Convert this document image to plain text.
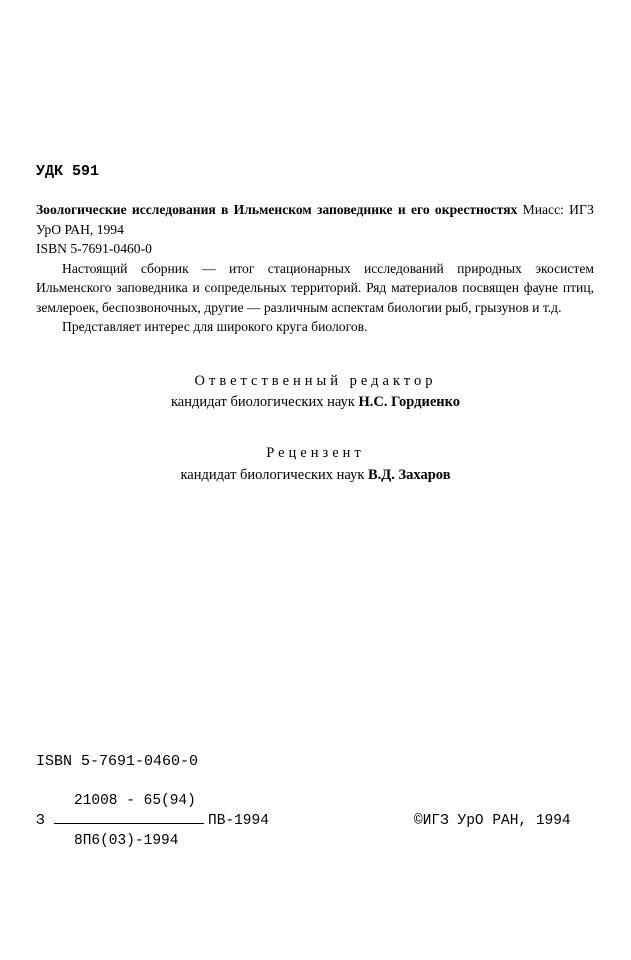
УДК 591

Зоологические исследования в Ильменском заповеднике и его окрестностях Миасс: ИГЗ УрО РАН, 1994

ISBN 5-7691-0460-0

Настоящий сборник — итог стационарных исследований природных экосистем Ильменского заповедника и сопредельных территорий. Ряд материалов посвящен фауне птиц, землероек, беспозвоночных, другие — различным аспектам биологии рыб, грызунов и т.д.

Представляет интерес для широкого круга биологов.

Ответственный редактор
кандидат биологических наук Н.С. Гордиенко
Рецензент
кандидат биологических наук В.Д. Захаров
ISBN 5-7691-0460-0
21008 - 65(94)
З	ПВ-1994
8П6(03)-1994
©ИГЗ УрО РАН, 1994
